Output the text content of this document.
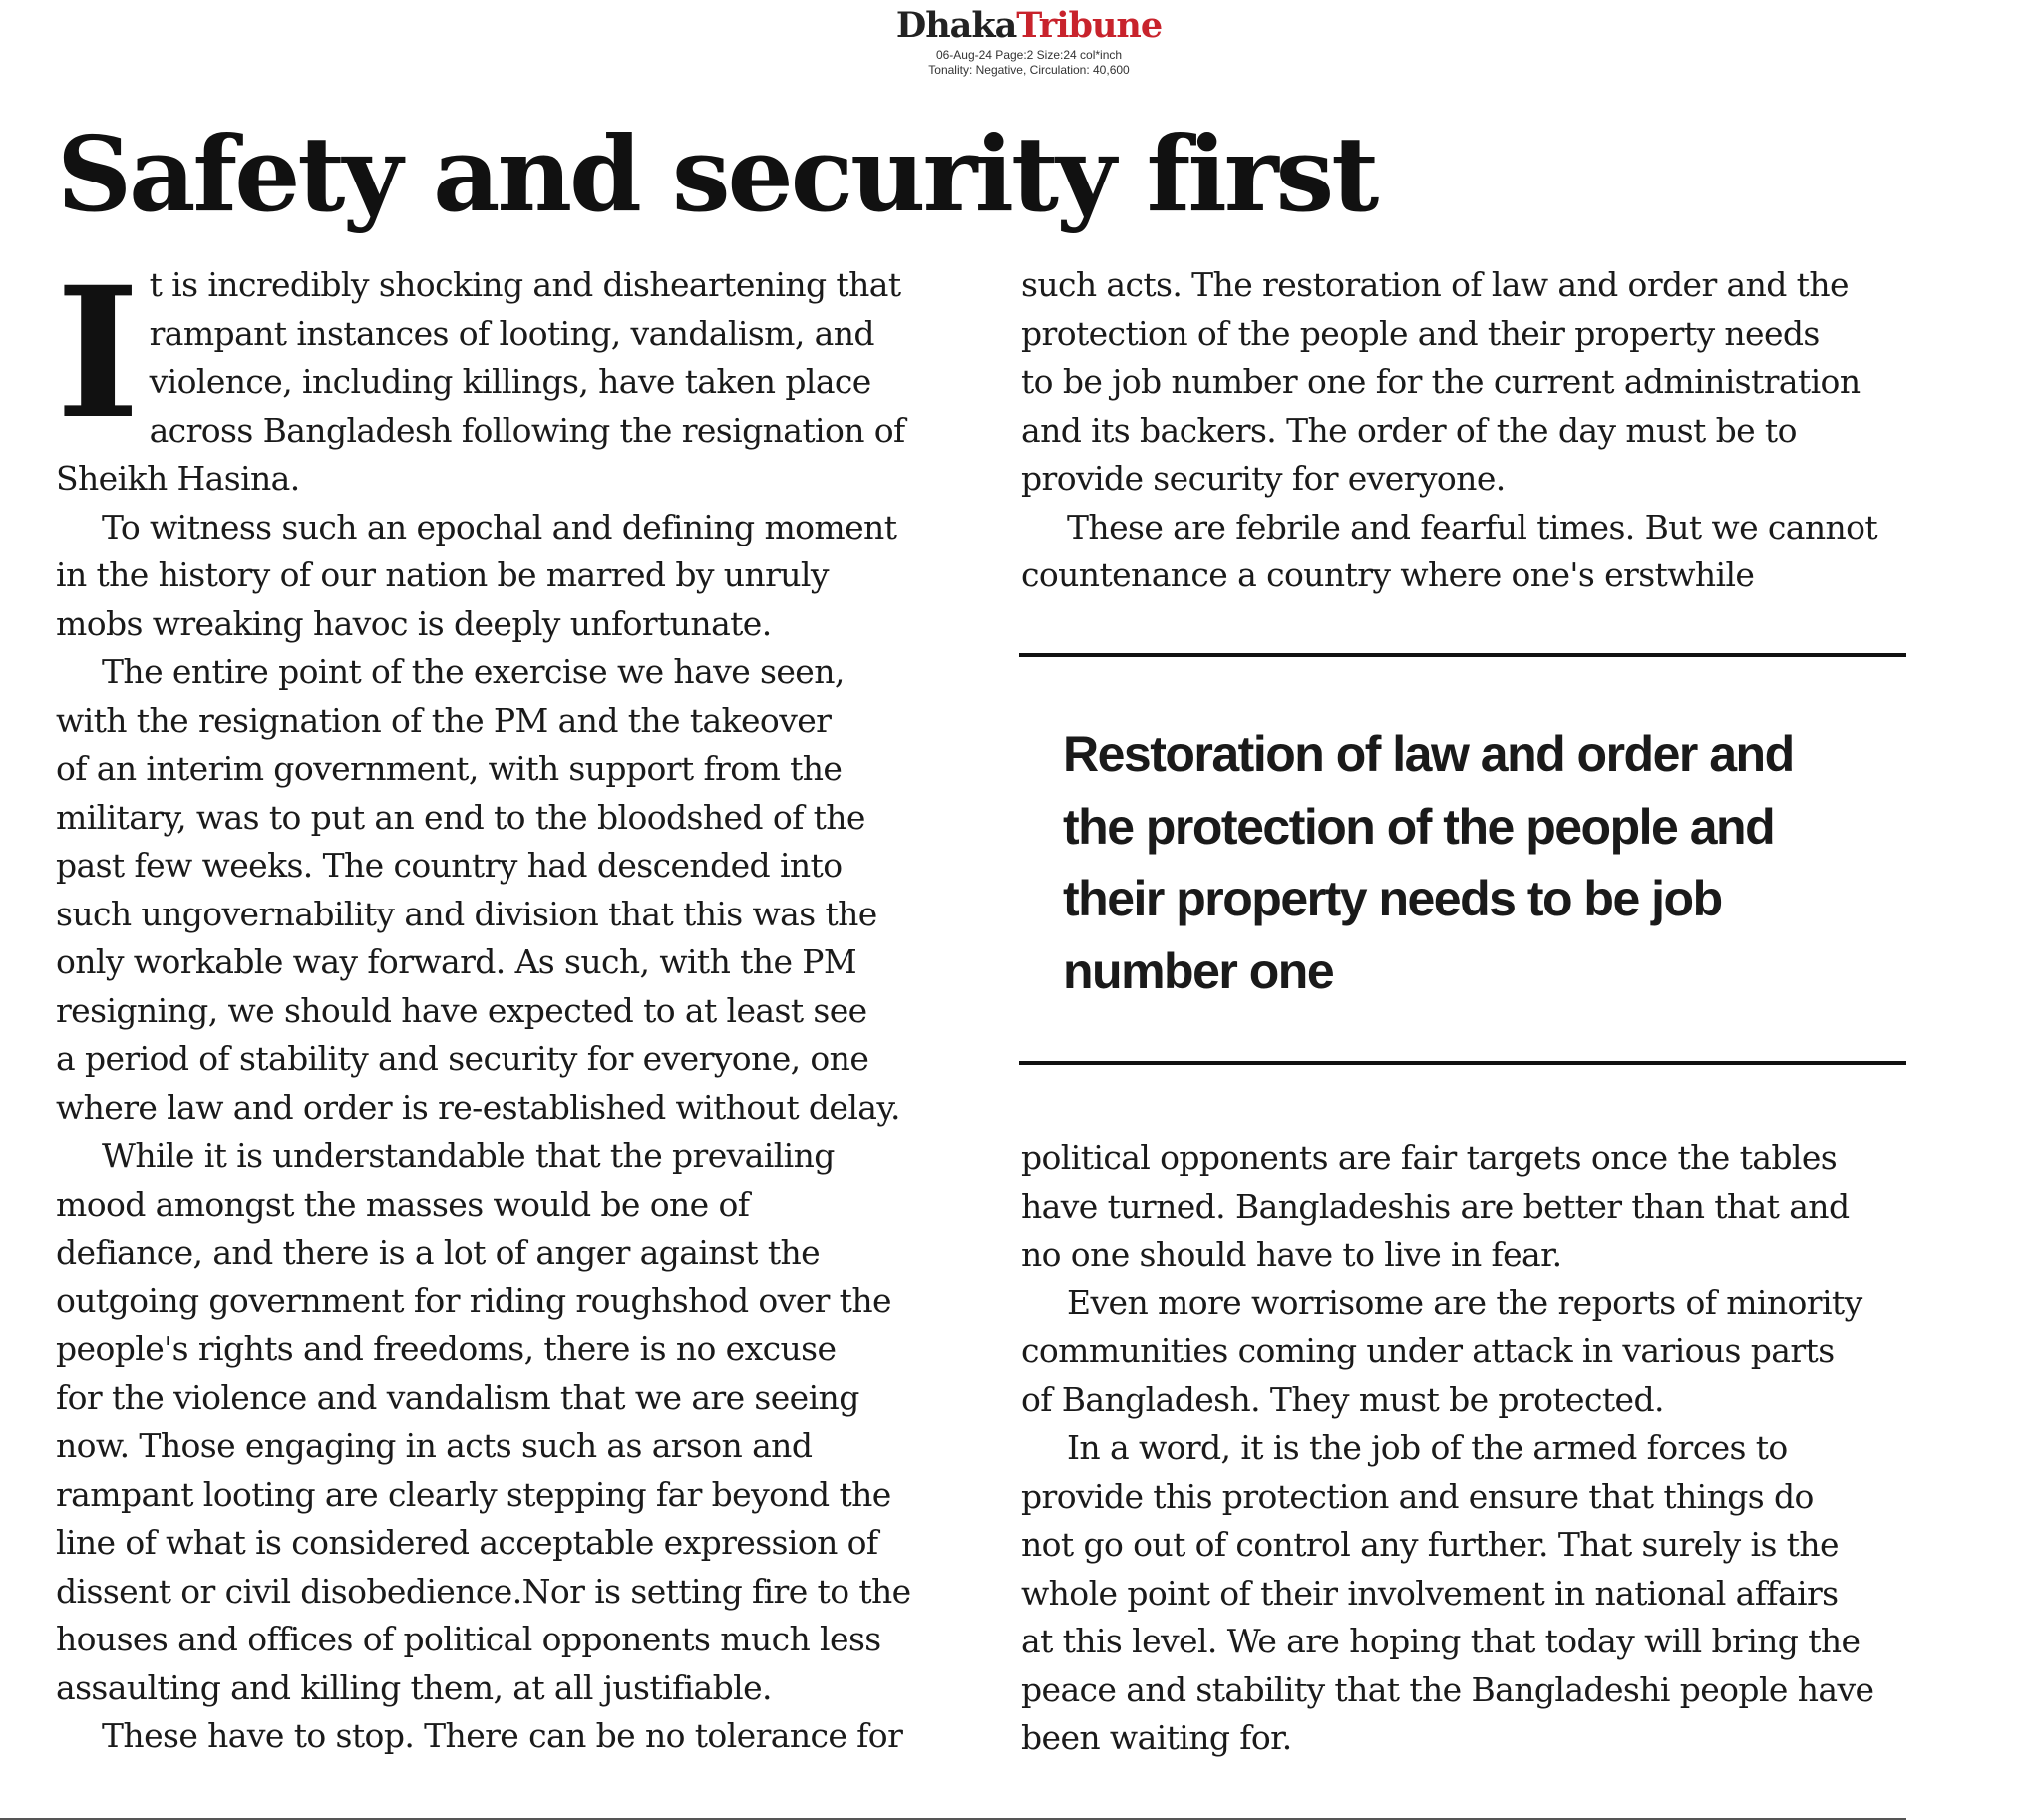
DhakaTribune
06-Aug-24 Page:2 Size:24 col*inch
Tonality: Negative, Circulation: 40,600
Safety and security first
I t is incredibly shocking and disheartening that
rampant instances of looting, vandalism, and
violence, including killings, have taken place
across Bangladesh following the resignation of
Sheikh Hasina.

To witness such an epochal and defining moment
in the history of our nation be marred by unruly
mobs wreaking havoc is deeply unfortunate.

The entire point of the exercise we have seen,
with the resignation of the PM and the takeover
of an interim government, with support from the
military, was to put an end to the bloodshed of the
past few weeks. The country had descended into
such ungovernability and division that this was the
only workable way forward. As such, with the PM
resigning, we should have expected to at least see
a period of stability and security for everyone, one
where law and order is re-established without delay.

While it is understandable that the prevailing
mood amongst the masses would be one of
defiance, and there is a lot of anger against the
outgoing government for riding roughshod over the
people's rights and freedoms, there is no excuse
for the violence and vandalism that we are seeing
now. Those engaging in acts such as arson and
rampant looting are clearly stepping far beyond the
line of what is considered acceptable expression of
dissent or civil disobedience.Nor is setting fire to the
houses and offices of political opponents much less
assaulting and killing them, at all justifiable.

These have to stop. There can be no tolerance for

such acts. The restoration of law and order and the
protection of the people and their property needs
to be job number one for the current administration
and its backers. The order of the day must be to
provide security for everyone.

These are febrile and fearful times. But we cannot
countenance a country where one's erstwhile

Restoration of law and order and
the protection of the people and
their property needs to be job
number one

political opponents are fair targets once the tables
have turned. Bangladeshis are better than that and
no one should have to live in fear.

Even more worrisome are the reports of minority
communities coming under attack in various parts
of Bangladesh. They must be protected.

In a word, it is the job of the armed forces to
provide this protection and ensure that things do
not go out of control any further. That surely is the
whole point of their involvement in national affairs
at this level. We are hoping that today will bring the
peace and stability that the Bangladeshi people have
been waiting for.
